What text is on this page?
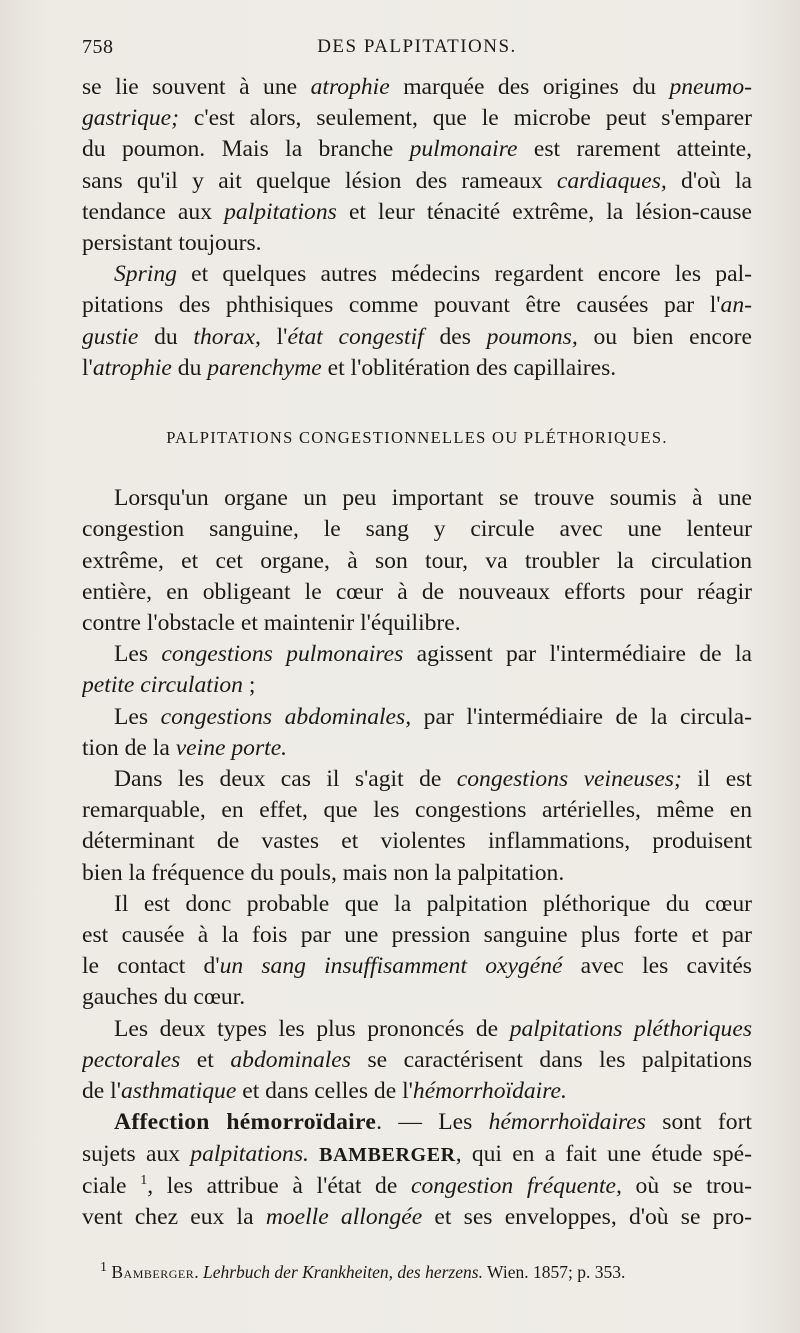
758	DES PALPITATIONS.

se lie souvent à une atrophie marquée des origines du pneumo-
gastrique; c'est alors, seulement, que le microbe peut s'emparer
du poumon. Mais la branche pulmonaire est rarement atteinte,
sans qu'il y ait quelque lésion des rameaux cardiaques, d'où la
tendance aux palpitations et leur ténacité extrême, la lésion-cause
persistant toujours.

Spring et quelques autres médecins regardent encore les pal-
pitations des phthisiques comme pouvant être causées par l'an-
gustie du thorax, l'état congestif des poumons, ou bien encore
l'atrophie du parenchyme et l'oblitération des capillaires.

PALPITATIONS CONGESTIONNELLES OU PLÉTHORIQUES.

Lorsqu'un organe un peu important se trouve soumis à une
congestion sanguine, le sang y circule avec une lenteur
extrême, et cet organe, à son tour, va troubler la circulation
entière, en obligeant le cœur à de nouveaux efforts pour réagir
contre l'obstacle et maintenir l'équilibre.

Les congestions pulmonaires agissent par l'intermédiaire de la
petite circulation ;

Les congestions abdominales, par l'intermédiaire de la circula-
tion de la veine porte.

Dans les deux cas il s'agit de congestions veineuses; il est
remarquable, en effet, que les congestions artérielles, même en
déterminant de vastes et violentes inflammations, produisent
bien la fréquence du pouls, mais non la palpitation.

Il est donc probable que la palpitation pléthorique du cœur
est causée à la fois par une pression sanguine plus forte et par
le contact d'un sang insuffisamment oxygéné avec les cavités
gauches du cœur.

Les deux types les plus prononcés de palpitations pléthoriques
pectorales et abdominales se caractérisent dans les palpitations
de l'asthmatique et dans celles de l'hémorrhoïdaire.

Affection hémorroïdaire. — Les hémorrhoïdaires sont fort
sujets aux palpitations. BAMBERGER, qui en a fait une étude spé-
ciale $^1$, les attribue à l'état de congestion fréquente, où se trou-
vent chez eux la moelle allongée et ses enveloppes, d'où se pro-

$^1$ Bamberger. Lehrbuch der Krankheiten, des herzens. Wien. 1857; p. 353.
